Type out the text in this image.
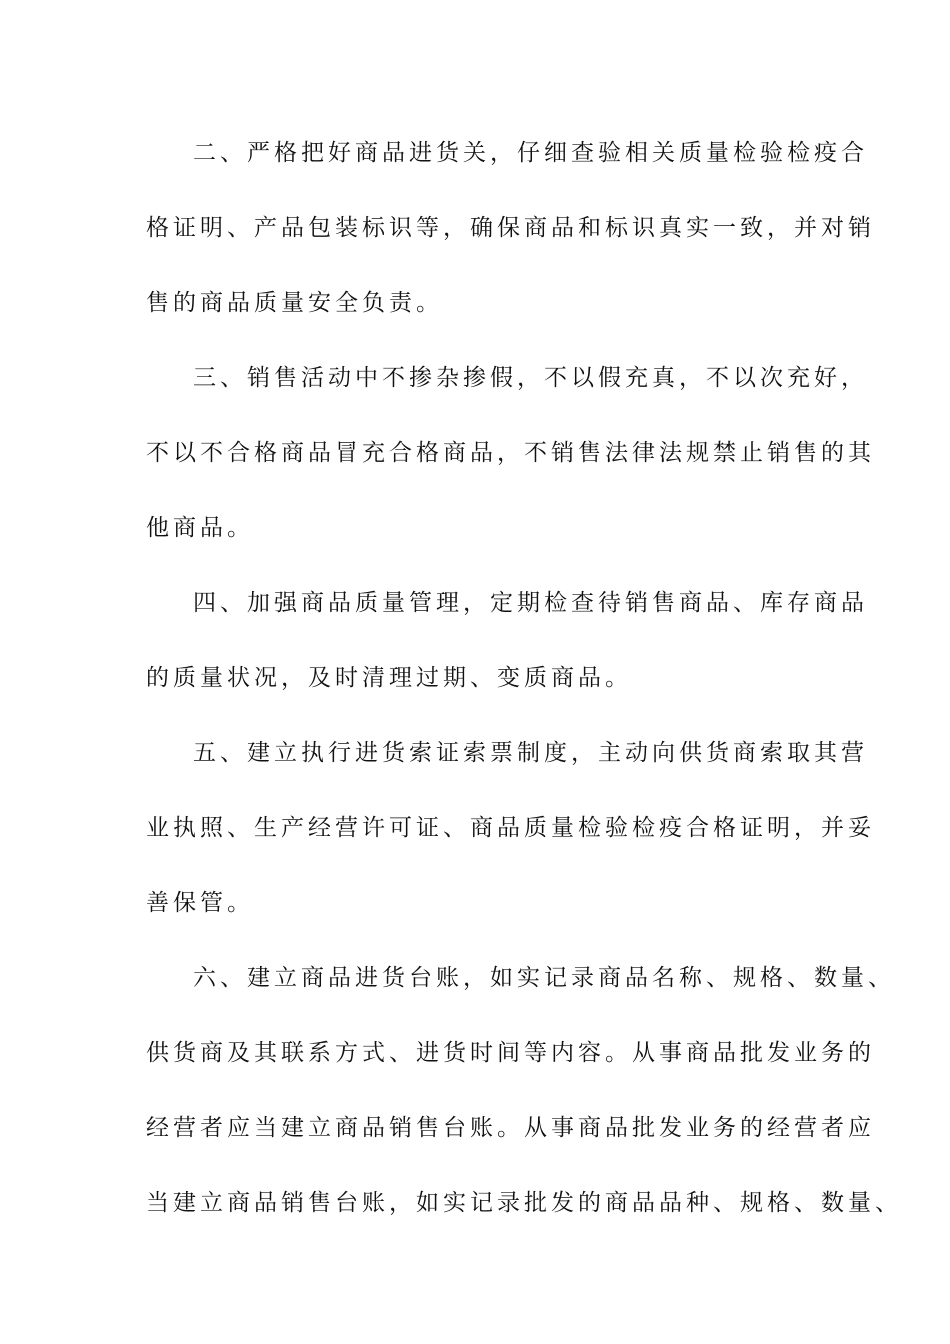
二、严格把好商品进货关，仔细查验相关质量检验检疫合
格证明、产品包装标识等，确保商品和标识真实一致，并对销
售的商品质量安全负责。
三、销售活动中不掺杂掺假，不以假充真，不以次充好，
不以不合格商品冒充合格商品，不销售法律法规禁止销售的其
他商品。
四、加强商品质量管理，定期检查待销售商品、库存商品
的质量状况，及时清理过期、变质商品。
五、建立执行进货索证索票制度，主动向供货商索取其营
业执照、生产经营许可证、商品质量检验检疫合格证明，并妥
善保管。
六、建立商品进货台账，如实记录商品名称、规格、数量、
供货商及其联系方式、进货时间等内容。从事商品批发业务的
经营者应当建立商品销售台账。从事商品批发业务的经营者应
当建立商品销售台账，如实记录批发的商品品种、规格、数量、
